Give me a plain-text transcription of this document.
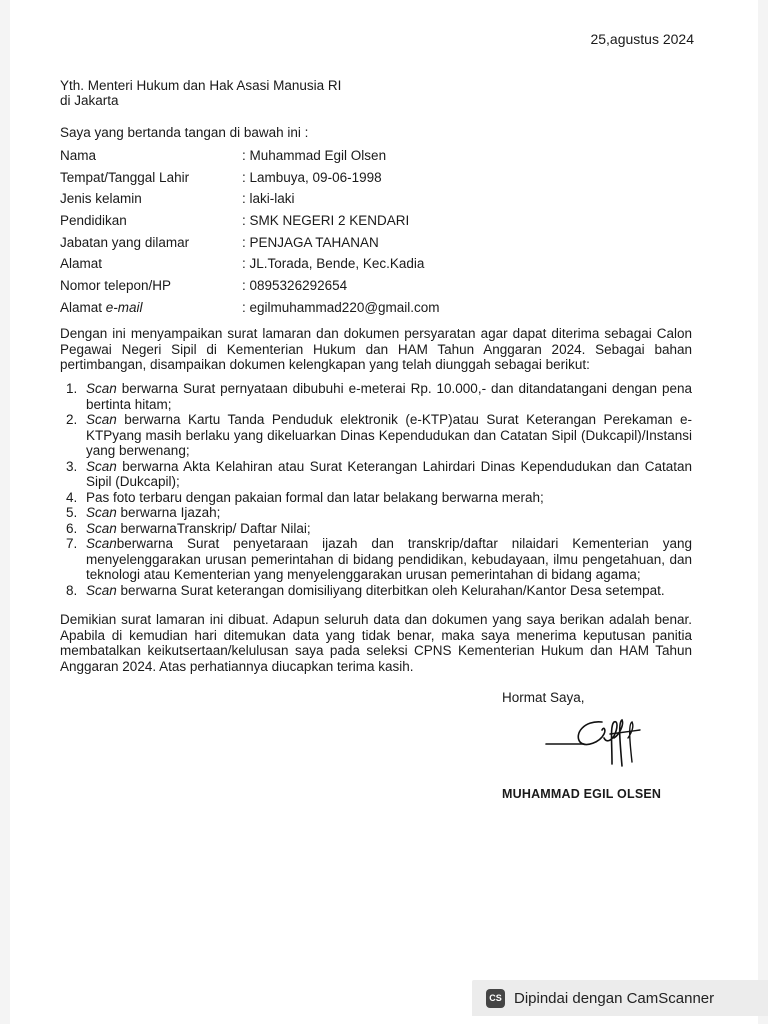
25,agustus 2024
Yth. Menteri Hukum dan Hak Asasi Manusia RI
di Jakarta
Saya yang bertanda tangan di bawah ini :
Nama	: Muhammad Egil Olsen
Tempat/Tanggal Lahir	: Lambuya, 09-06-1998
Jenis kelamin	: laki-laki
Pendidikan	: SMK NEGERI 2 KENDARI
Jabatan yang dilamar	: PENJAGA TAHANAN
Alamat	: JL.Torada, Bende, Kec.Kadia
Nomor telepon/HP	: 0895326292654
Alamat e-mail	: egilmuhammad220@gmail.com
Dengan ini menyampaikan surat lamaran dan dokumen persyaratan agar dapat diterima sebagai Calon Pegawai Negeri Sipil di Kementerian Hukum dan HAM Tahun Anggaran 2024. Sebagai bahan pertimbangan, disampaikan dokumen kelengkapan yang telah diunggah sebagai berikut:
1. Scan berwarna Surat pernyataan dibubuhi e-meterai Rp. 10.000,- dan ditandatangani dengan pena bertinta hitam;
2. Scan berwarna Kartu Tanda Penduduk elektronik (e-KTP)atau Surat Keterangan Perekaman e-KTPyang masih berlaku yang dikeluarkan Dinas Kependudukan dan Catatan Sipil (Dukcapil)/Instansi yang berwenang;
3. Scan berwarna Akta Kelahiran atau Surat Keterangan Lahirdari Dinas Kependudukan dan Catatan Sipil (Dukcapil);
4. Pas foto terbaru dengan pakaian formal dan latar belakang berwarna merah;
5. Scan berwarna Ijazah;
6. Scan berwarnaTranskrip/ Daftar Nilai;
7. Scanberwarna Surat penyetaraan ijazah dan transkrip/daftar nilaidari Kementerian yang menyelenggarakan urusan pemerintahan di bidang pendidikan, kebudayaan, ilmu pengetahuan, dan teknologi atau Kementerian yang menyelenggarakan urusan pemerintahan di bidang agama;
8. Scan berwarna Surat keterangan domisiliyang diterbitkan oleh Kelurahan/Kantor Desa setempat.
Demikian surat lamaran ini dibuat. Adapun seluruh data dan dokumen yang saya berikan adalah benar. Apabila di kemudian hari ditemukan data yang tidak benar, maka saya menerima keputusan panitia membatalkan keikutsertaan/kelulusan saya pada seleksi CPNS Kementerian Hukum dan HAM Tahun Anggaran 2024. Atas perhatiannya diucapkan terima kasih.
Hormat Saya,
MUHAMMAD EGIL OLSEN
CS Dipindai dengan CamScanner
